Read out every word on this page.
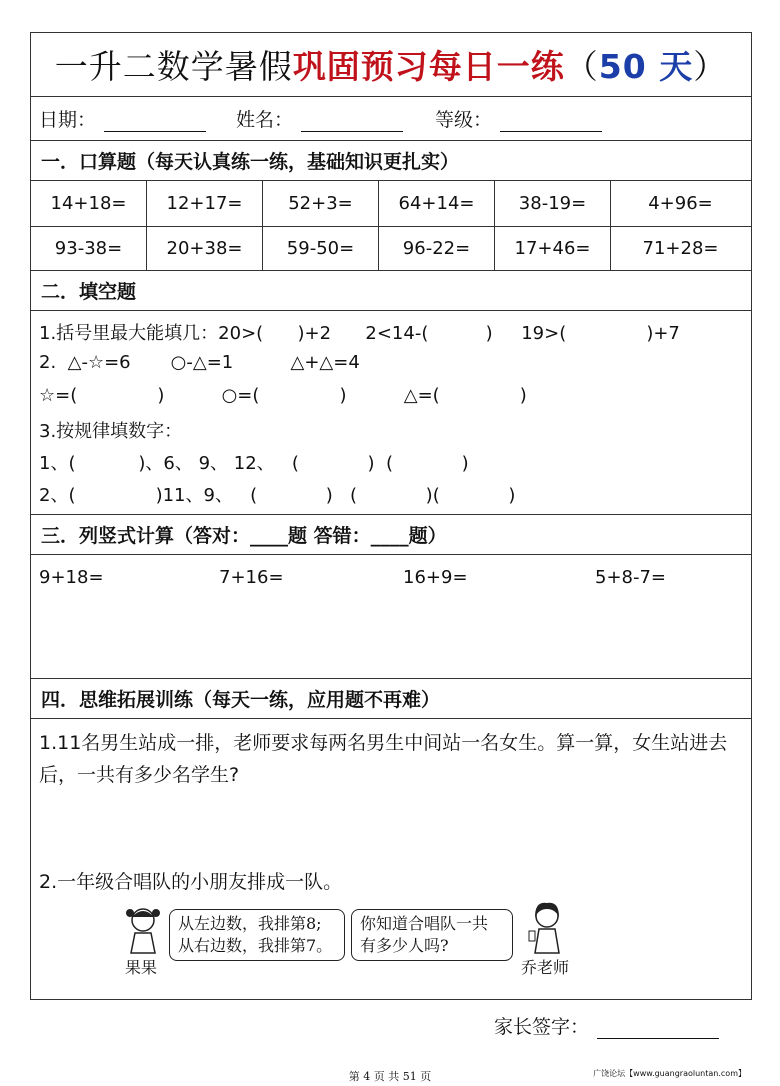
一升二数学暑假 巩固预习每日一练 （ 50 天 ）
日期：	姓名：	等级：
一．口算题（每天认真练一练，基础知识更扎实）
14+18=	12+17=	52+3=	64+14=	38-19=	4+96=
93-38=	20+38=	59-50=	96-22=	17+46=	71+28=
二．填空题
1.括号里最大能填几：20>(      )+2      2<14-(          )     19>(              )+7
2.  △-☆=6       ○-△=1          △+△=4
☆=(              )          ○=(              )          △=(              )
3.按规律填数字：
1、(           )、6、 9、 12、   (            )  (            )
2、(              )11、9、   (            )   (            )(            )
三．列竖式计算（答对：____题 答错：____题）
9+18=	7+16=	16+9=	5+8-7=
四．思维拓展训练（每天一练，应用题不再难）
1.11名男生站成一排，老师要求每两名男生中间站一名女生。算一算，女生站进去后，一共有多少名学生?
2.一年级合唱队的小朋友排成一队。
果果
从左边数，我排第8;
从右边数，我排第7。
你知道合唱队一共
有多少人吗?
乔老师
家长签字：
第 4 页 共 51 页	广饶论坛【www.guangraoluntan.com】
